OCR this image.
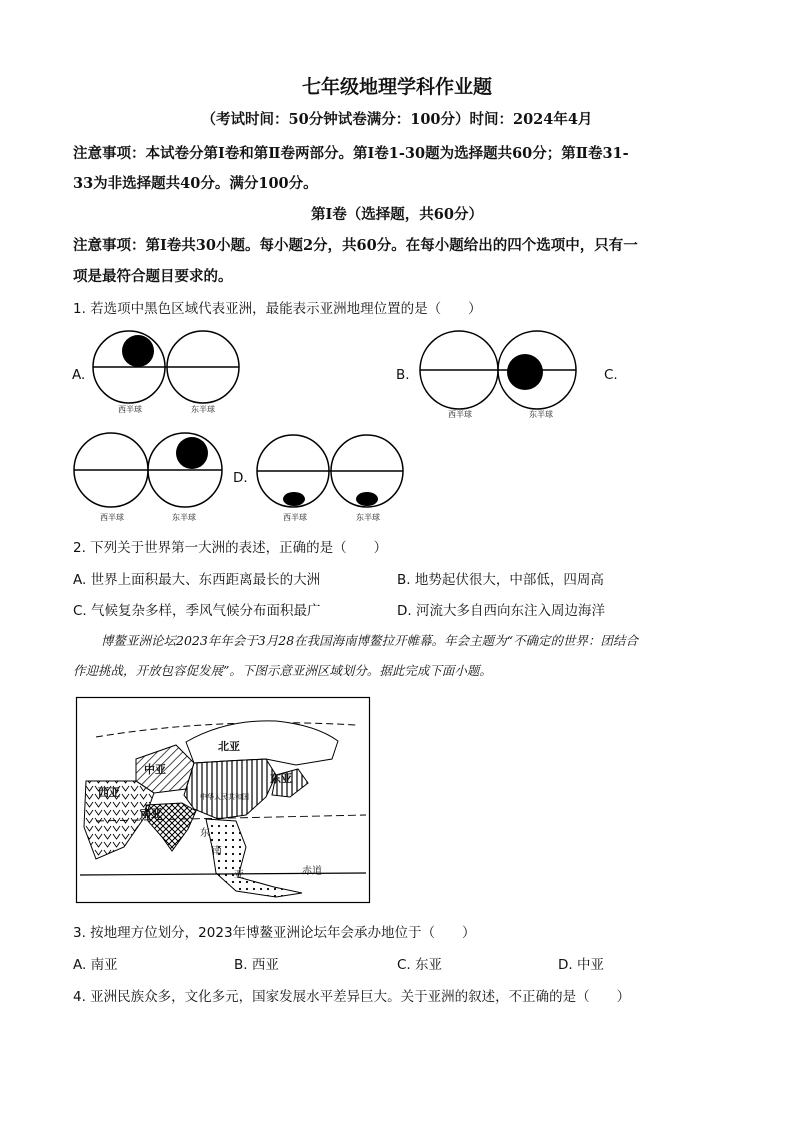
七年级地理学科作业题
（考试时间：50分钟试卷满分：100分）时间：2024年4月
注意事项：本试卷分第Ⅰ卷和第Ⅱ卷两部分。第Ⅰ卷1-30题为选择题共60分；第Ⅱ卷31-
33为非选择题共40分。满分100分。
第Ⅰ卷（选择题，共60分）
注意事项：第Ⅰ卷共30小题。每小题2分，共60分。在每小题给出的四个选项中，只有一
项是最符合题目要求的。
1. 若选项中黑色区域代表亚洲，最能表示亚洲地理位置的是（　　）
A.
西半球	东半球
B.
西半球	东半球
C.
西半球	东半球
D.
西半球	东半球
2. 下列关于世界第一大洲的表述，正确的是（　　）
A. 世界上面积最大、东西距离最长的大洲	B. 地势起伏很大，中部低，四周高
C. 气候复杂多样，季风气候分布面积最广	D. 河流大多自西向东注入周边海洋
博鳌亚洲论坛2023年年会于3月28在我国海南博鳌拉开帷幕。年会主题为“不确定的世界：团结合
作迎挑战，开放包容促发展”。下图示意亚洲区域划分。据此完成下面小题。
北亚
中亚
东亚
西亚
南亚
中华人民共和国
东
南
亚	赤道
3. 按地理方位划分，2023年博鳌亚洲论坛年会承办地位于（　　）
A. 南亚	B. 西亚	C. 东亚	D. 中亚
4. 亚洲民族众多，文化多元，国家发展水平差异巨大。关于亚洲的叙述，不正确的是（　　）
